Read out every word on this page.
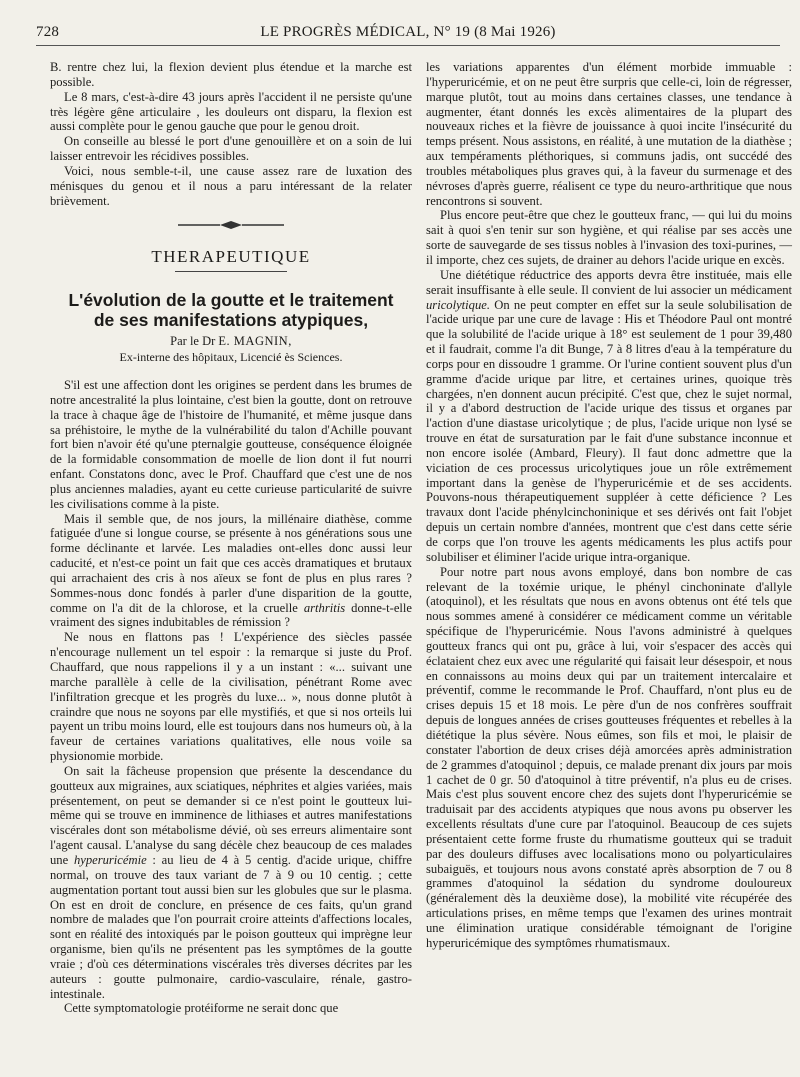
728	LE PROGRÈS MÉDICAL, N° 19 (8 Mai 1926)

B. rentre chez lui, la flexion devient plus étendue et la marche est possible.

Le 8 mars, c'est-à-dire 43 jours après l'accident il ne persiste qu'une très légère gêne articulaire , les douleurs ont disparu, la flexion est aussi complète pour le genou gauche que pour le genou droit.

On conseille au blessé le port d'une genouillère et on a soin de lui laisser entrevoir les récidives possibles.

Voici, nous semble-t-il, une cause assez rare de luxation des ménisques du genou et il nous a paru intéressant de la relater brièvement.

THERAPEUTIQUE
L'évolution de la goutte et le traitement
de ses manifestations atypiques,
Par le Dr E. MAGNIN,
Ex-interne des hôpitaux, Licencié ès Sciences.

S'il est une affection dont les origines se perdent dans les brumes de notre ancestralité la plus lointaine, c'est bien la goutte, dont on retrouve la trace à chaque âge de l'histoire de l'humanité, et même jusque dans sa préhistoire, le mythe de la vulnérabilité du talon d'Achille pouvant fort bien n'avoir été qu'une pternalgie goutteuse, conséquence éloignée de la formidable consommation de moelle de lion dont il fut nourri enfant. Constatons donc, avec le Prof. Chauffard que c'est une de nos plus anciennes maladies, ayant eu cette curieuse particularité de suivre les civilisations comme à la piste.

Mais il semble que, de nos jours, la millénaire diathèse, comme fatiguée d'une si longue course, se présente à nos générations sous une forme déclinante et larvée. Les maladies ont-elles donc aussi leur caducité, et n'est-ce point un fait que ces accès dramatiques et brutaux qui arrachaient des cris à nos aïeux se font de plus en plus rares ? Sommes-nous donc fondés à parler d'une disparition de la goutte, comme on l'a dit de la chlorose, et la cruelle arthritis donne-t-elle vraiment des signes indubitables de rémission ?

Ne nous en flattons pas ! L'expérience des siècles passée n'encourage nullement un tel espoir : la remarque si juste du Prof. Chauffard, que nous rappelions il y a un instant : «... suivant une marche parallèle à celle de la civilisation, pénétrant Rome avec l'infiltration grecque et les progrès du luxe... », nous donne plutôt à craindre que nous ne soyons par elle mystifiés, et que si nos orteils lui payent un tribu moins lourd, elle est toujours dans nos humeurs où, à la faveur de certaines variations qualitatives, elle nous voile sa physionomie morbide.

On sait la fâcheuse propension que présente la descendance du goutteux aux migraines, aux sciatiques, néphrites et algies variées, mais présentement, on peut se demander si ce n'est point le goutteux lui-même qui se trouve en imminence de lithiases et autres manifestations viscérales dont son métabolisme dévié, où ses erreurs alimentaire sont l'agent causal. L'analyse du sang décèle chez beaucoup de ces malades une hyperuricémie : au lieu de 4 à 5 centig. d'acide urique, chiffre normal, on trouve des taux variant de 7 à 9 ou 10 centig. ; cette augmentation portant tout aussi bien sur les globules que sur le plasma. On est en droit de conclure, en présence de ces faits, qu'un grand nombre de malades que l'on pourrait croire atteints d'affections locales, sont en réalité des intoxiqués par le poison goutteux qui imprègne leur organisme, bien qu'ils ne présentent pas les symptômes de la goutte vraie ; d'où ces déterminations viscérales très diverses décrites par les auteurs : goutte pulmonaire, cardio-vasculaire, rénale, gastro-intestinale.

Cette symptomatologie protéiforme ne serait donc que

les variations apparentes d'un élément morbide immuable : l'hyperuricémie, et on ne peut être surpris que celle-ci, loin de régresser, marque plutôt, tout au moins dans certaines classes, une tendance à augmenter, étant donnés les excès alimentaires de la plupart des nouveaux riches et la fièvre de jouissance à quoi incite l'insécurité du temps présent. Nous assistons, en réalité, à une mutation de la diathèse ; aux tempéraments pléthoriques, si communs jadis, ont succédé des troubles métaboliques plus graves qui, à la faveur du surmenage et des névroses d'après guerre, réalisent ce type du neuro-arthritique que nous rencontrons si souvent.

Plus encore peut-être que chez le goutteux franc, — qui lui du moins sait à quoi s'en tenir sur son hygiène, et qui réalise par ses accès une sorte de sauvegarde de ses tissus nobles à l'invasion des toxi-purines, — il importe, chez ces sujets, de drainer au dehors l'acide urique en excès.

Une diététique réductrice des apports devra être instituée, mais elle serait insuffisante à elle seule. Il convient de lui associer un médicament uricolytique. On ne peut compter en effet sur la seule solubilisation de l'acide urique par une cure de lavage : His et Théodore Paul ont montré que la solubilité de l'acide urique à 18° est seulement de 1 pour 39,480 et il faudrait, comme l'a dit Bunge, 7 à 8 litres d'eau à la température du corps pour en dissoudre 1 gramme. Or l'urine contient souvent plus d'un gramme d'acide urique par litre, et certaines urines, quoique très chargées, n'en donnent aucun précipité. C'est que, chez le sujet normal, il y a d'abord destruction de l'acide urique des tissus et organes par l'action d'une diastase uricolytique ; de plus, l'acide urique non lysé se trouve en état de sursaturation par le fait d'une substance inconnue et non encore isolée (Ambard, Fleury). Il faut donc admettre que la viciation de ces processus uricolytiques joue un rôle extrêmement important dans la genèse de l'hyperuricémie et de ses accidents. Pouvons-nous thérapeutiquement suppléer à cette déficience ? Les travaux dont l'acide phénylcinchoninique et ses dérivés ont fait l'objet depuis un certain nombre d'années, montrent que c'est dans cette série de corps que l'on trouve les agents médicaments les plus actifs pour solubiliser et éliminer l'acide urique intra-organique.

Pour notre part nous avons employé, dans bon nombre de cas relevant de la toxémie urique, le phényl cinchoninate d'allyle (atoquinol), et les résultats que nous en avons obtenus ont été tels que nous sommes amené à considérer ce médicament comme un véritable spécifique de l'hyperuricémie. Nous l'avons administré à quelques goutteux francs qui ont pu, grâce à lui, voir s'espacer des accès qui éclataient chez eux avec une régularité qui faisait leur désespoir, et nous en connaissons au moins deux qui par un traitement intercalaire et préventif, comme le recommande le Prof. Chauffard, n'ont plus eu de crises depuis 15 et 18 mois. Le père d'un de nos confrères souffrait depuis de longues années de crises goutteuses fréquentes et rebelles à la diététique la plus sévère. Nous eûmes, son fils et moi, le plaisir de constater l'abortion de deux crises déjà amorcées après administration de 2 grammes d'atoquinol ; depuis, ce malade prenant dix jours par mois 1 cachet de 0 gr. 50 d'atoquinol à titre préventif, n'a plus eu de crises. Mais c'est plus souvent encore chez des sujets dont l'hyperuricémie se traduisait par des accidents atypiques que nous avons pu observer les excellents résultats d'une cure par l'atoquinol. Beaucoup de ces sujets présentaient cette forme fruste du rhumatisme goutteux qui se traduit par des douleurs diffuses avec localisations mono ou polyarticulaires subaiguës, et toujours nous avons constaté après absorption de 7 ou 8 grammes d'atoquinol la sédation du syndrome douloureux (généralement dès la deuxième dose), la mobilité vite récupérée des articulations prises, en même temps que l'examen des urines montrait une élimination uratique considérable témoignant de l'origine hyperuricémique des symptômes rhumatismaux.
